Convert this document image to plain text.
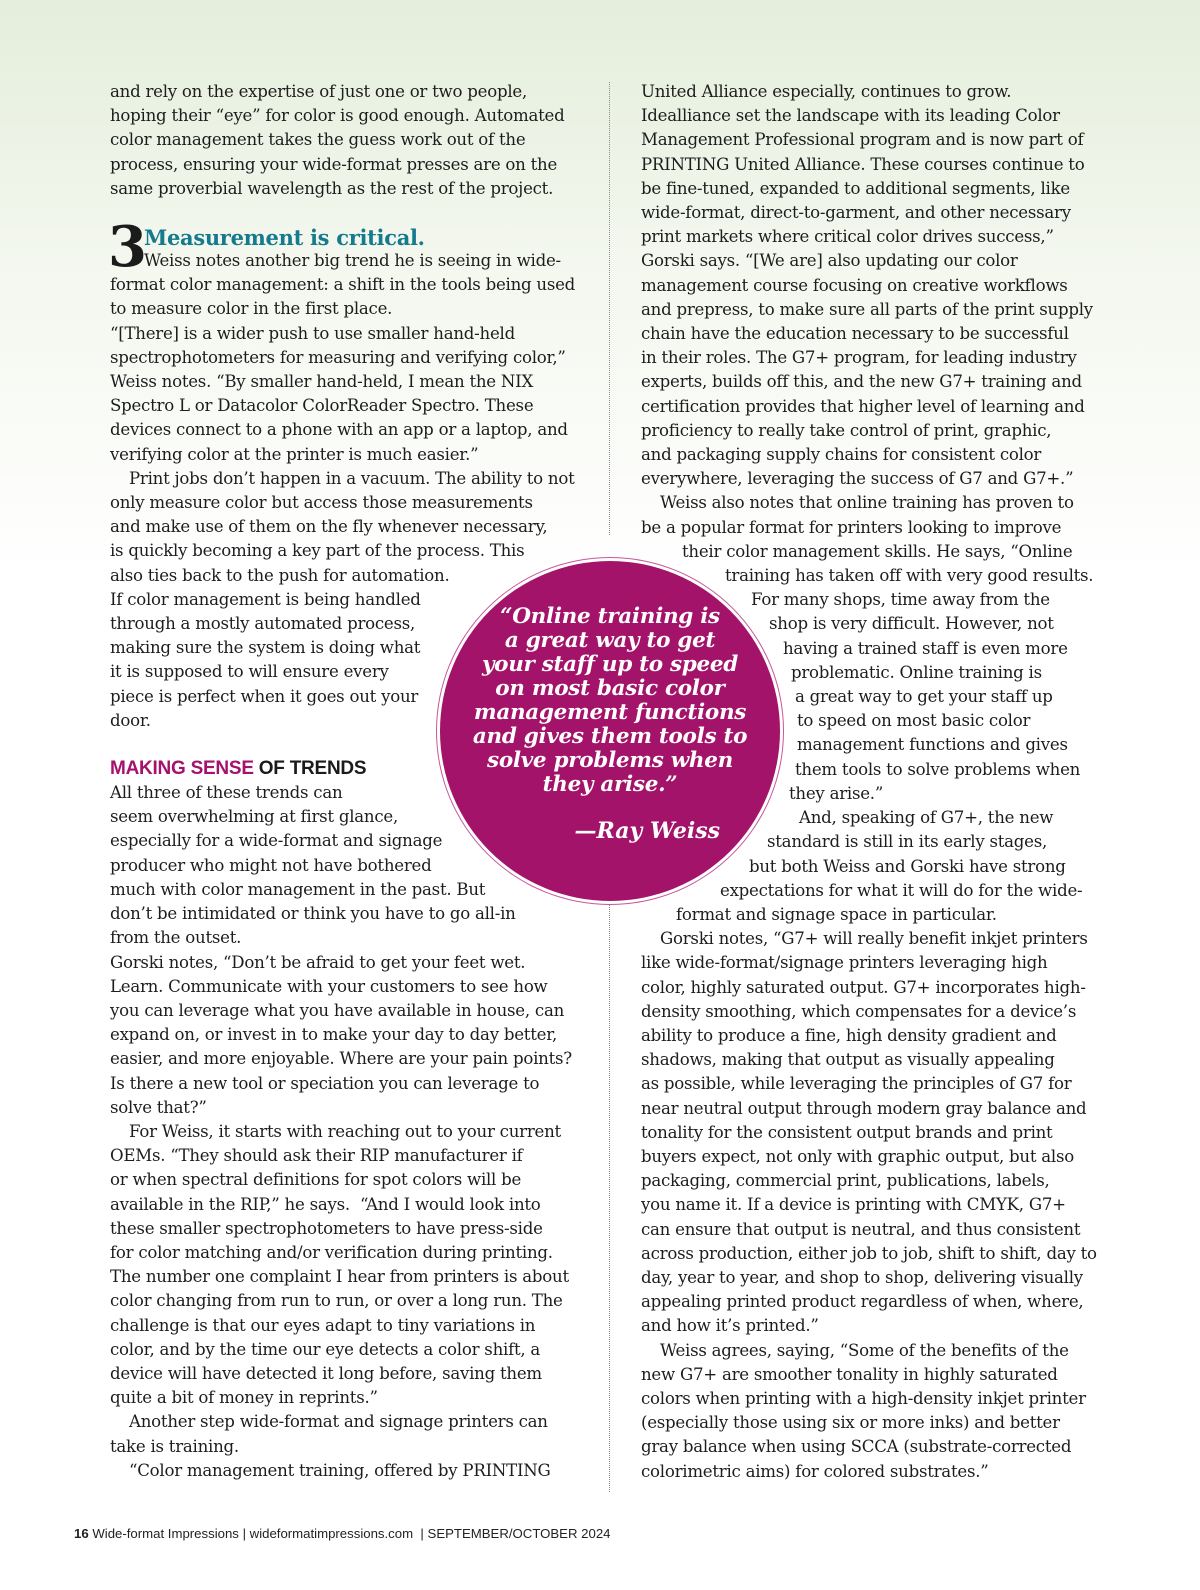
and rely on the expertise of just one or two people,
hoping their “eye” for color is good enough. Automated
color management takes the guess work out of the
process, ensuring your wide-format presses are on the
same proverbial wavelength as the rest of the project.
3
Measurement is critical.
Weiss notes another big trend he is seeing in wide-
format color management: a shift in the tools being used
to measure color in the first place.
“[There] is a wider push to use smaller hand-held
spectrophotometers for measuring and verifying color,”
Weiss notes. “By smaller hand-held, I mean the NIX
Spectro L or Datacolor ColorReader Spectro. These
devices connect to a phone with an app or a laptop, and
verifying color at the printer is much easier.”
Print jobs don’t happen in a vacuum. The ability to not
only measure color but access those measurements
and make use of them on the fly whenever necessary,
is quickly becoming a key part of the process. This
also ties back to the push for automation.
If color management is being handled
through a mostly automated process,
making sure the system is doing what
it is supposed to will ensure every
piece is perfect when it goes out your
door.
MAKING SENSE OF TRENDS
All three of these trends can
seem overwhelming at first glance,
especially for a wide-format and signage
producer who might not have bothered
much with color management in the past. But
don’t be intimidated or think you have to go all-in
from the outset.
Gorski notes, “Don’t be afraid to get your feet wet.
Learn. Communicate with your customers to see how
you can leverage what you have available in house, can
expand on, or invest in to make your day to day better,
easier, and more enjoyable. Where are your pain points?
Is there a new tool or speciation you can leverage to
solve that?”
For Weiss, it starts with reaching out to your current
OEMs. “They should ask their RIP manufacturer if
or when spectral definitions for spot colors will be
available in the RIP,” he says.  “And I would look into
these smaller spectrophotometers to have press-side
for color matching and/or verification during printing.
The number one complaint I hear from printers is about
color changing from run to run, or over a long run. The
challenge is that our eyes adapt to tiny variations in
color, and by the time our eye detects a color shift, a
device will have detected it long before, saving them
quite a bit of money in reprints.”
Another step wide-format and signage printers can
take is training.
“Color management training, offered by PRINTING
United Alliance especially, continues to grow.
Idealliance set the landscape with its leading Color
Management Professional program and is now part of
PRINTING United Alliance. These courses continue to
be fine-tuned, expanded to additional segments, like
wide-format, direct-to-garment, and other necessary
print markets where critical color drives success,”
Gorski says. “[We are] also updating our color
management course focusing on creative workflows
and prepress, to make sure all parts of the print supply
chain have the education necessary to be successful
in their roles. The G7+ program, for leading industry
experts, builds off this, and the new G7+ training and
certification provides that higher level of learning and
proficiency to really take control of print, graphic,
and packaging supply chains for consistent color
everywhere, leveraging the success of G7 and G7+.”
Weiss also notes that online training has proven to
be a popular format for printers looking to improve
their color management skills. He says, “Online
training has taken off with very good results.
For many shops, time away from the
shop is very difficult. However, not
having a trained staff is even more
problematic. Online training is
a great way to get your staff up
to speed on most basic color
management functions and gives
them tools to solve problems when
they arise.”
And, speaking of G7+, the new
standard is still in its early stages,
but both Weiss and Gorski have strong
expectations for what it will do for the wide-
format and signage space in particular.
Gorski notes, “G7+ will really benefit inkjet printers
like wide-format/signage printers leveraging high
color, highly saturated output. G7+ incorporates high-
density smoothing, which compensates for a device’s
ability to produce a fine, high density gradient and
shadows, making that output as visually appealing
as possible, while leveraging the principles of G7 for
near neutral output through modern gray balance and
tonality for the consistent output brands and print
buyers expect, not only with graphic output, but also
packaging, commercial print, publications, labels,
you name it. If a device is printing with CMYK, G7+
can ensure that output is neutral, and thus consistent
across production, either job to job, shift to shift, day to
day, year to year, and shop to shop, delivering visually
appealing printed product regardless of when, where,
and how it’s printed.”
Weiss agrees, saying, “Some of the benefits of the
new G7+ are smoother tonality in highly saturated
colors when printing with a high-density inkjet printer
(especially those using six or more inks) and better
gray balance when using SCCA (substrate-corrected
colorimetric aims) for colored substrates.”
“Online training is
a great way to get
your staff up to speed
on most basic color
management functions
and gives them tools to
solve problems when
they arise.”
—Ray Weiss
16 Wide-format Impressions | wideformatimpressions.com  | SEPTEMBER/OCTOBER 2024
